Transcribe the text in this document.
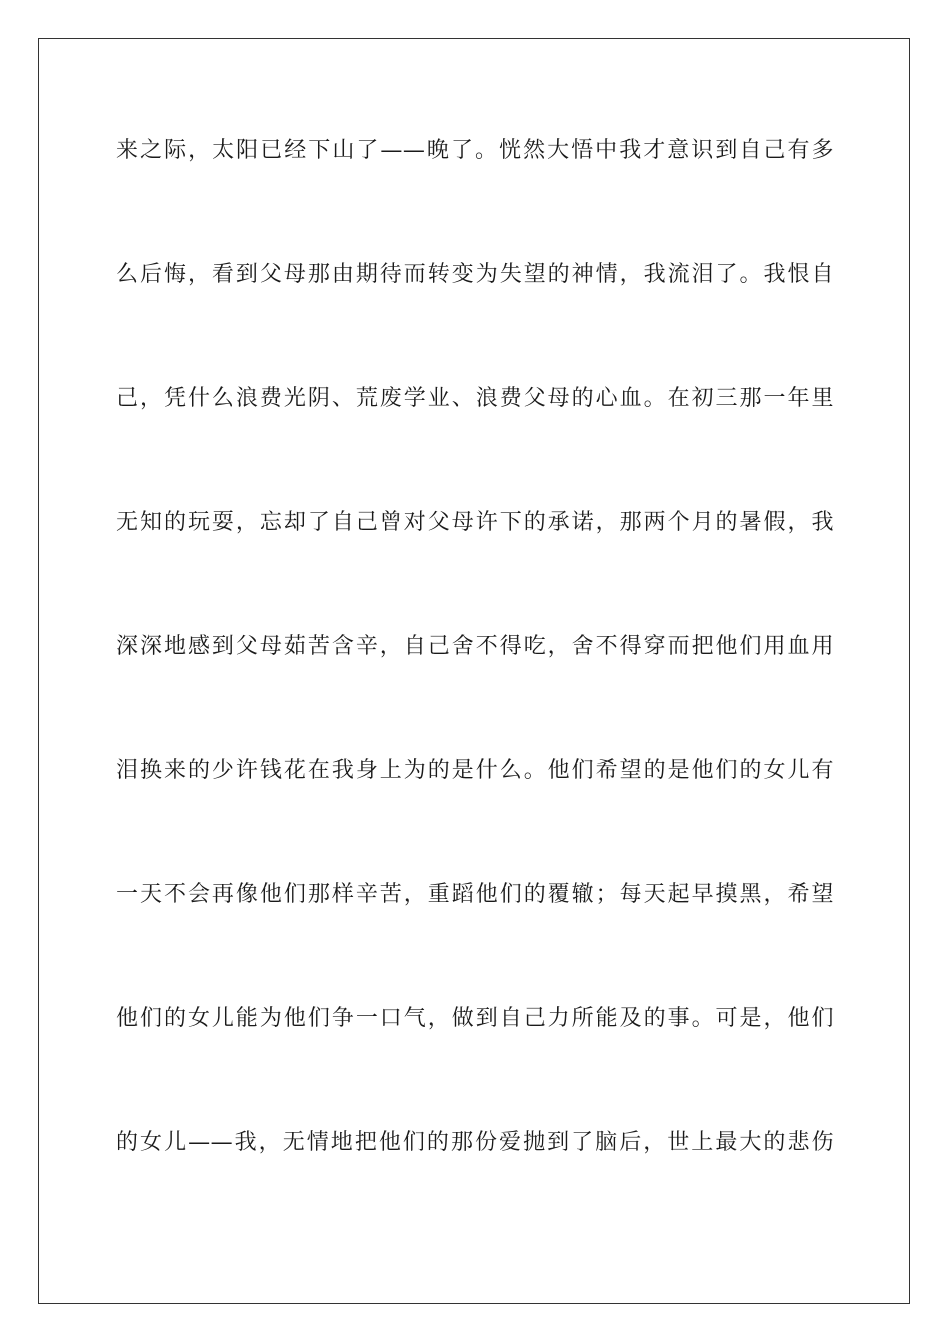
来之际，太阳已经下山了——晚了。恍然大悟中我才意识到自己有多
么后悔，看到父母那由期待而转变为失望的神情，我流泪了。我恨自
己，凭什么浪费光阴、荒废学业、浪费父母的心血。在初三那一年里
无知的玩耍，忘却了自己曾对父母许下的承诺，那两个月的暑假，我
深深地感到父母茹苦含辛，自己舍不得吃，舍不得穿而把他们用血用
泪换来的少许钱花在我身上为的是什么。他们希望的是他们的女儿有
一天不会再像他们那样辛苦，重蹈他们的覆辙；每天起早摸黑，希望
他们的女儿能为他们争一口气，做到自己力所能及的事。可是，他们
的女儿——我，无情地把他们的那份爱抛到了脑后，世上最大的悲伤
